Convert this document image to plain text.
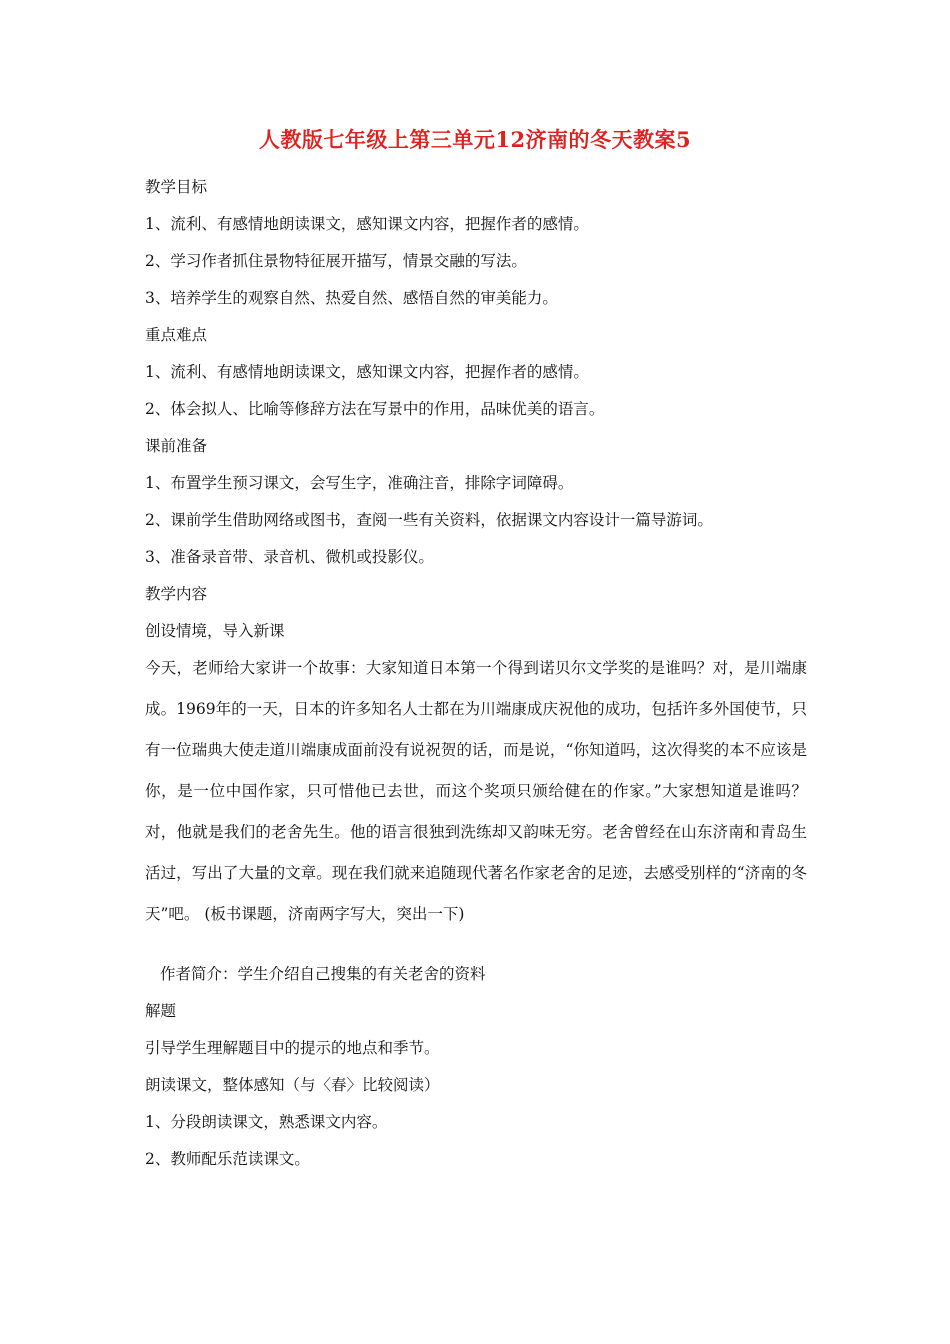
人教版七年级上第三单元12济南的冬天教案5

教学目标

1、流利、有感情地朗读课文，感知课文内容，把握作者的感情。

2、学习作者抓住景物特征展开描写，情景交融的写法。

3、培养学生的观察自然、热爱自然、感悟自然的审美能力。

重点难点

1、流利、有感情地朗读课文，感知课文内容，把握作者的感情。

2、体会拟人、比喻等修辞方法在写景中的作用，品味优美的语言。

课前准备

1、布置学生预习课文，会写生字，准确注音，排除字词障碍。

2、课前学生借助网络或图书，查阅一些有关资料，依据课文内容设计一篇导游词。

3、准备录音带、录音机、微机或投影仪。

教学内容

创设情境，导入新课

今天，老师给大家讲一个故事：大家知道日本第一个得到诺贝尔文学奖的是谁吗？对，是川端康成。1969年的一天，日本的许多知名人士都在为川端康成庆祝他的成功，包括许多外国使节，只有一位瑞典大使走道川端康成面前没有说祝贺的话，而是说，“你知道吗，这次得奖的本不应该是你，是一位中国作家，只可惜他已去世，而这个奖项只颁给健在的作家。”大家想知道是谁吗？对，他就是我们的老舍先生。他的语言很独到洗练却又韵味无穷。老舍曾经在山东济南和青岛生活过，写出了大量的文章。现在我们就来追随现代著名作家老舍的足迹，去感受别样的“济南的冬天”吧。 (板书课题，济南两字写大，突出一下)

作者简介：学生介绍自己搜集的有关老舍的资料

解题

引导学生理解题目中的提示的地点和季节。

朗读课文，整体感知（与〈春〉比较阅读）

1、分段朗读课文，熟悉课文内容。

2、教师配乐范读课文。
